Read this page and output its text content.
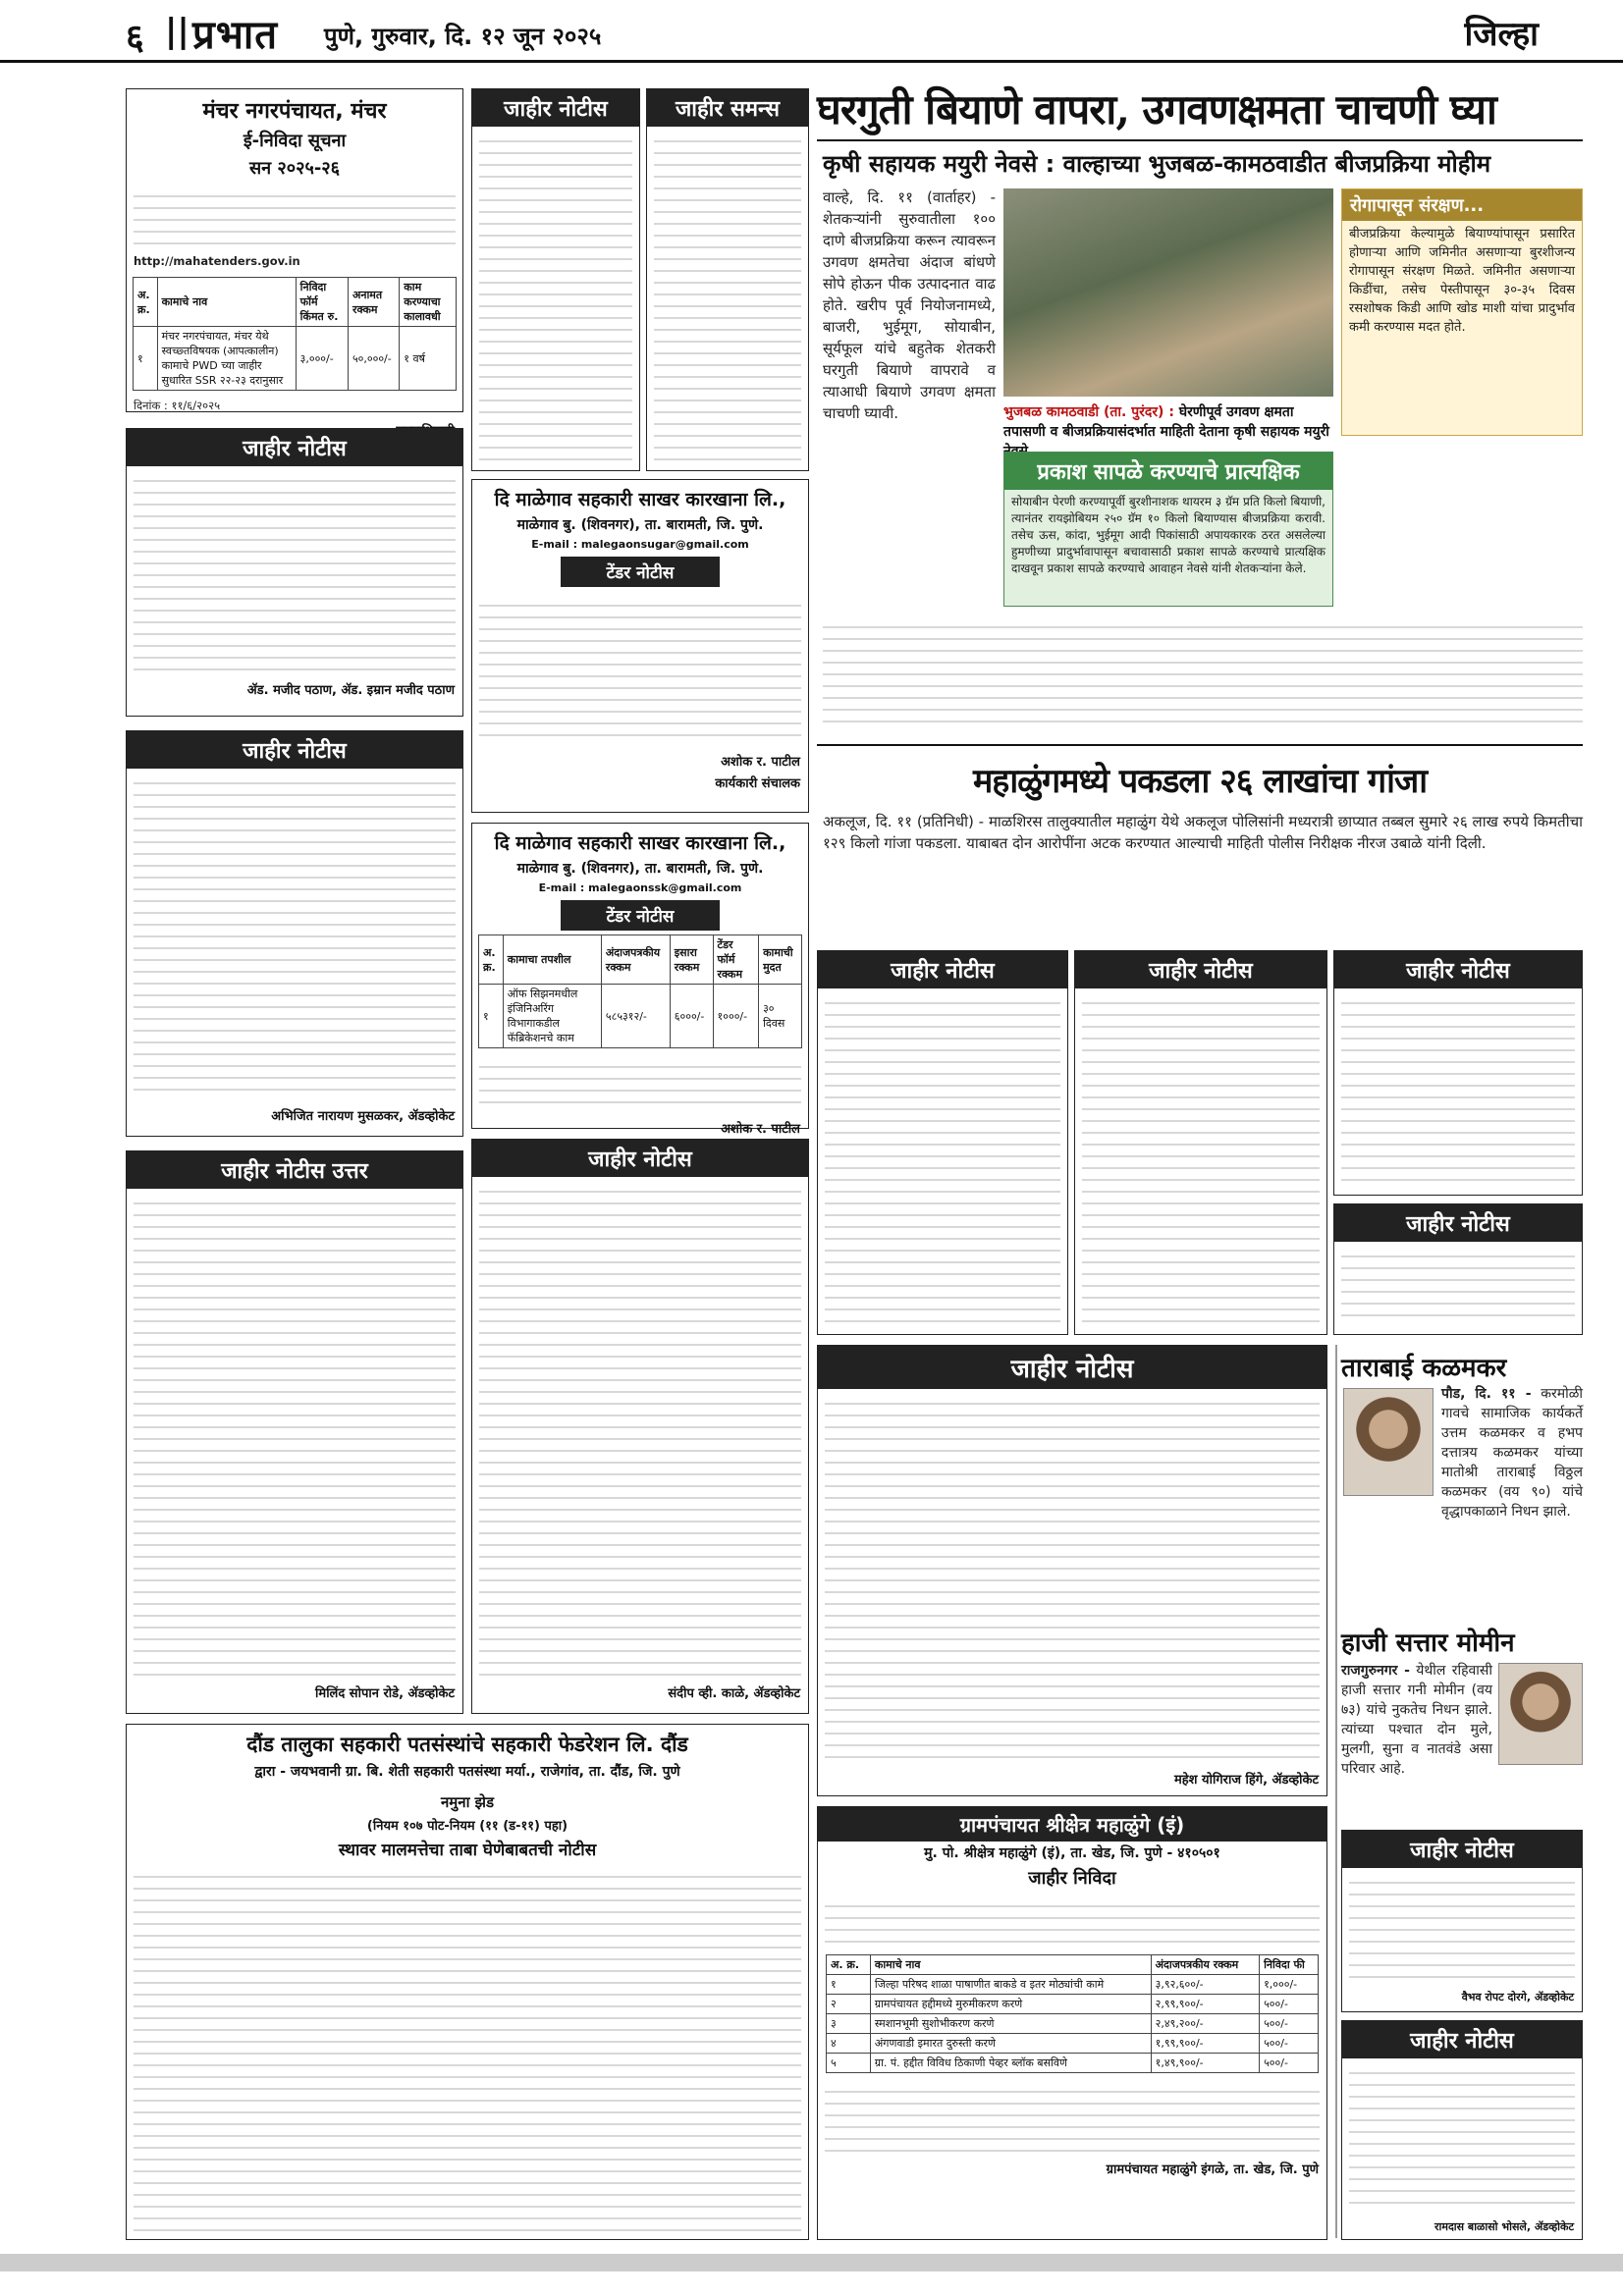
६ || प्रभात पुणे, गुरुवार, दि. १२ जून २०२५	जिल्हा
मंचर नगरपंचायत, मंचर
ई-निविदा सूचना
सन २०२५-२६
http://mahatenders.gov.in
अ. क्र.	कामाचे नाव	निविदा फॉर्म किंमत रु.	अनामत रक्कम	काम करण्याचा कालावधी
१	मंचर नगरपंचायत, मंचर येथे स्वच्छ्तविषयक (आपत्कालीन) कामाचे PWD च्या जाहीर सुधारित SSR २२-२३ दरानुसार	३,०००/-	५०,०००/-	१ वर्ष
दिनांक : ११/६/२०२५
जाहीर नोटीस
ॲड. मजीद पठाण, ॲड. इम्रान मजीद पठाण
जाहीर नोटीस
अभिजित नारायण मुसळकर, ॲडव्होकेट
जाहीर नोटीस उत्तर
मिलिंद सोपान रोडे, ॲडव्होकेट
जाहीर नोटीस	जाहीर समन्स
दि माळेगाव सहकारी साखर कारखाना लि.,
माळेगाव बु. (शिवनगर), ता. बारामती, जि. पुणे.
E-mail : malegaonsugar@gmail.com
टेंडर नोटीस
अशोक र. पाटील
कार्यकारी संचालक
दि माळेगाव सहकारी साखर कारखाना लि.,
माळेगाव बु. (शिवनगर), ता. बारामती, जि. पुणे.
E-mail : malegaonssk@gmail.com
टेंडर नोटीस
अ. क्र.	कामाचा तपशील	अंदाजपत्रकीय रक्कम	इसारा रक्कम	टेंडर फॉर्म रक्कम	कामाची मुदत
१	ऑफ सिझनमधील इंजिनिअरिंग विभागाकडील फॅब्रिकेशनचे काम	५८५३१२/-	६०००/-	१०००/-	३० दिवस
अशोक र. पाटील
जाहीर नोटीस
संदीप व्ही. काळे, ॲडव्होकेट
दौंड तालुका सहकारी पतसंस्थांचे सहकारी फेडरेशन लि. दौंड
द्वारा - जयभवानी ग्रा. बि. शेती सहकारी पतसंस्था मर्या., राजेगांव, ता. दौंड, जि. पुणे
नमुना झेड
(नियम १०७ पोट-नियम (११ (ड-११) पहा)
स्थावर मालमत्तेचा ताबा घेणेबाबतची नोटीस
घरगुती बियाणे वापरा, उगवणक्षमता चाचणी घ्या
कृषी सहायक मयुरी नेवसे : वाल्हाच्या भुजबळ-कामठवाडीत बीजप्रक्रिया मोहीम
वाल्हे, दि. ११ (वार्ताहर) - शेतकऱ्यांनी सुरुवातीला १०० दाणे बीजप्रक्रिया करून त्यावरून उगवण क्षमतेचा अंदाज बांधणे सोपे होऊन पीक उत्पादनात वाढ होते. खरीप पूर्व नियोजनामध्ये, बाजरी, भुईमूग, सोयाबीन, सूर्यफूल यांचे बहुतेक शेतकरी घरगुती बियाणे वापरावे व त्याआधी बियाणे उगवण क्षमता चाचणी घ्यावी.	भुजबळ कामठवाडी (ता. पुरंदर) : घेरणीपूर्व उगवण क्षमता तपासणी व बीजप्रक्रियासंदर्भात माहिती देताना कृषी सहायक मयुरी
प्रकाश सापळे करण्याचे प्रात्यक्षिक
सोयाबीन पेरणी करण्यापूर्वी बुरशीनाशक थायरम ३ ग्रॅम प्रति किलो बियाणी, त्यानंतर रायझोबियम २५० ग्रॅम १० किलो बियाण्यास बीजप्रक्रिया करावी. तसेच ऊस, कांदा, भुईमूग आदी पिकांसाठी अपायकारक ठरत असलेल्या हुमणीच्या प्रादुर्भावापासून बचावासाठी प्रकाश सापळे करण्याचे प्रात्यक्षिक दाखवून प्रकाश सापळे करण्याचे आवाहन नेवसे यांनी शेतकऱ्यांना केले.
रोगापासून संरक्षण...
बीजप्रक्रिया केल्यामुळे बियाण्यांपासून प्रसारित होणाऱ्या आणि जमिनीत असणाऱ्या बुरशीजन्य रोगापासून संरक्षण मिळते. जमिनीत असणाऱ्या किडींचा, तसेच पेस्तीपासून ३०-३५ दिवस रसशोषक किडी आणि खोड माशी यांचा प्रादुर्भाव कमी करण्यास मदत होते.
महाळुंगमध्ये पकडला २६ लाखांचा गांजा
अकलूज, दि. ११ (प्रतिनिधी) - माळशिरस तालुक्यातील महाळुंग येथे अकलूज पोलिसांनी मध्यरात्री छाप्यात तब्बल सुमारे २६ लाख रुपये किमतीचा १२९ किलो गांजा पकडला. याबाबत दोन आरोपींना अटक करण्यात आल्याची माहिती पोलीस निरीक्षक नीरज उबाळे यांनी दिली.
जाहीर नोटीस	जाहीर नोटीस	जाहीर नोटीस
जाहीर नोटीस
जाहीर नोटीस
महेश योगिराज हिंगे, ॲडव्होकेट
ग्रामपंचायत श्रीक्षेत्र महाळुंगे (इं)
मु. पो. श्रीक्षेत्र महाळुंगे (इं), ता. खेड, जि. पुणे - ४१०५०१
जाहीर निविदा
अ. क्र.	कामाचे नाव	अंदाजपत्रकीय रक्कम	निविदा फी
१	जिल्हा परिषद शाळा पाषाणीत बाकडे व इतर मोठ्यांची कामे	३,९२,६००/-	१,०००/-
२	ग्रामपंचायत हद्दीमध्ये मुरुमीकरण करणे	२,९९,९००/-	५००/-
३	स्मशानभूमी सुशोभीकरण करणे	२,४९,२००/-	५००/-
४	अंगणवाडी इमारत दुरुस्ती करणे	१,९९,९००/-	५००/-
५	ग्रा. पं. हद्दीत विविध ठिकाणी पेव्हर ब्लॉक बसविणे	१,४९,९००/-	५००/-
ग्रामपंचायत महाळुंगे इंगळे, ता. खेड, जि. पुणे
ताराबाई कळमकर
पौड, दि. ११ - करमोळी गावचे सामाजिक कार्यकर्ते उत्तम कळमकर व हभप दत्तात्रय कळमकर यांच्या मातोश्री ताराबाई विठ्ठल कळमकर (वय ९०) यांचे वृद्धापकाळाने निधन झाले.
हाजी सत्तार मोमीन
राजगुरुनगर - येथील रहिवासी हाजी सत्तार गनी मोमीन (वय ७३) यांचे नुकतेच निधन झाले. त्यांच्या पश्चात दोन मुले, मुलगी, सुना व नातवंडे असा परिवार आहे.
जाहीर नोटीस
वैभव रोपट दोरगे, ॲडव्होकेट
जाहीर नोटीस
रामदास बाळासो भोसले, ॲडव्होकेट
